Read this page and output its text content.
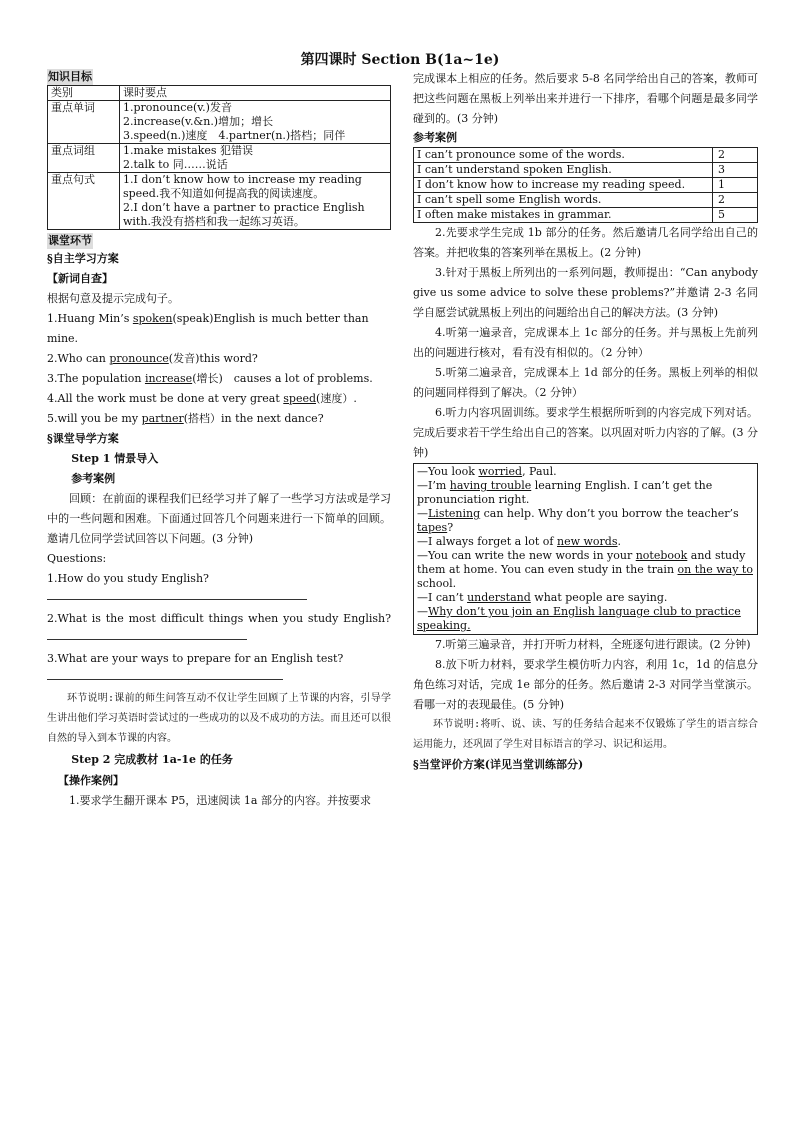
第四课时 Section B(1a~1e)
知识目标
类别	课时要点
重点单词	1.pronounce(v.)发音
2.increase(v.&n.)增加；增长
3.speed(n.)速度　4.partner(n.)搭档；同伴

重点词组	1.make mistakes 犯错误
2.talk to 同……说话

重点句式	1.I don’t know how to increase my reading speed.我不知道如何提高我的阅读速度。
2.I don’t have a partner to practice English with.我没有搭档和我一起练习英语。
课堂环节

§自主学习方案

【新词自查】

根据句意及提示完成句子。

1.Huang Min’s spoken(speak)English is much better than mine.

2.Who can pronounce(发音)this word?

3.The population increase(增长)　causes a lot of problems.

4.All the work must be done at very great speed(速度）.

5.will you be my partner(搭档）in the next dance?

§课堂导学方案

Step 1 情景导入

参考案例

回顾：在前面的课程我们已经学习并了解了一些学习方法或是学习中的一些问题和困难。下面通过回答几个问题来进行一下简单的回顾。邀请几位同学尝试回答以下问题。(3 分钟)

Questions:

1.How do you study English?

2.What is the most difficult things when you study English?

3.What are your ways to prepare for an English test?

环节说明:课前的师生问答互动不仅让学生回顾了上节课的内容，引导学生讲出他们学习英语时尝试过的一些成功的以及不成功的方法。而且还可以很自然的导入到本节课的内容。

Step 2 完成教材 1a-1e 的任务

【操作案例】

1.要求学生翻开课本 P5，迅速阅读 1a 部分的内容。并按要求

完成课本上相应的任务。然后要求 5-8 名同学给出自己的答案，教师可把这些问题在黑板上列举出来并进行一下排序，看哪个问题是最多同学碰到的。(3 分钟)

参考案例

I can’t pronounce some of the words.	2
I can’t understand spoken English.	3
I don’t know how to increase my reading speed.	1
I can’t spell some English words.	2
I often make mistakes in grammar.	5

2.先要求学生完成 1b 部分的任务。然后邀请几名同学给出自己的答案。并把收集的答案列举在黑板上。(2 分钟)

3.针对于黑板上所列出的一系列问题，教师提出：“Can anybody give us some advice to solve these problems?”并邀请 2-3 名同学自愿尝试就黑板上列出的问题给出自己的解决方法。(3 分钟)

4.听第一遍录音，完成课本上 1c 部分的任务。并与黑板上先前列出的问题进行核对，看有没有相似的。（2 分钟）

5.听第二遍录音，完成课本上 1d 部分的任务。黑板上列举的相似的问题同样得到了解决。（2 分钟）

6.听力内容巩固训练。要求学生根据所听到的内容完成下列对话。完成后要求若干学生给出自己的答案。以巩固对听力内容的了解。(3 分钟)

—You look worried, Paul.
—I’m having trouble learning English. I can’t get the pronunciation right.
—Listening can help. Why don’t you borrow the teacher’s tapes?
—I always forget a lot of new words.
—You can write the new words in your notebook and study them at home. You can even study in the train on the way to school.
—I can’t understand what people are saying.
—Why don’t you join an English language club to practice speaking.

7.听第三遍录音，并打开听力材料，全班逐句进行跟读。(2 分钟)

8.放下听力材料，要求学生模仿听力内容，利用 1c，1d 的信息分角色练习对话，完成 1e 部分的任务。然后邀请 2-3 对同学当堂演示。看哪一对的表现最佳。(5 分钟)

环节说明:将听、说、读、写的任务结合起来不仅锻炼了学生的语言综合运用能力，还巩固了学生对目标语言的学习、识记和运用。

§当堂评价方案(详见当堂训练部分)
